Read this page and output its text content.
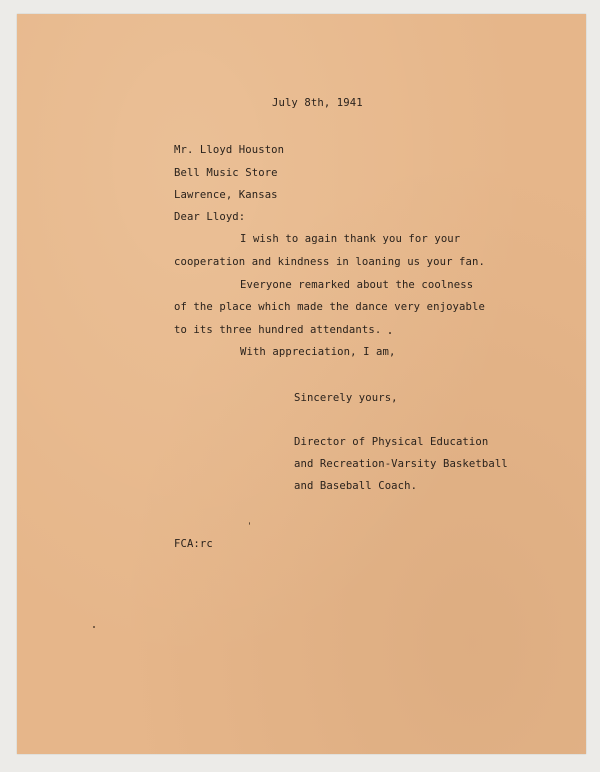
July 8th, 1941
Mr. Lloyd Houston
Bell Music Store
Lawrence, Kansas
Dear Lloyd:
I wish to again thank you for your
cooperation and kindness in loaning us your fan.
Everyone remarked about the coolness
of the place which made the dance very enjoyable
to its three hundred attendants.
With appreciation, I am,
Sincerely yours,
Director of Physical Education
and Recreation-Varsity Basketball
and Baseball Coach.
FCA:rc
